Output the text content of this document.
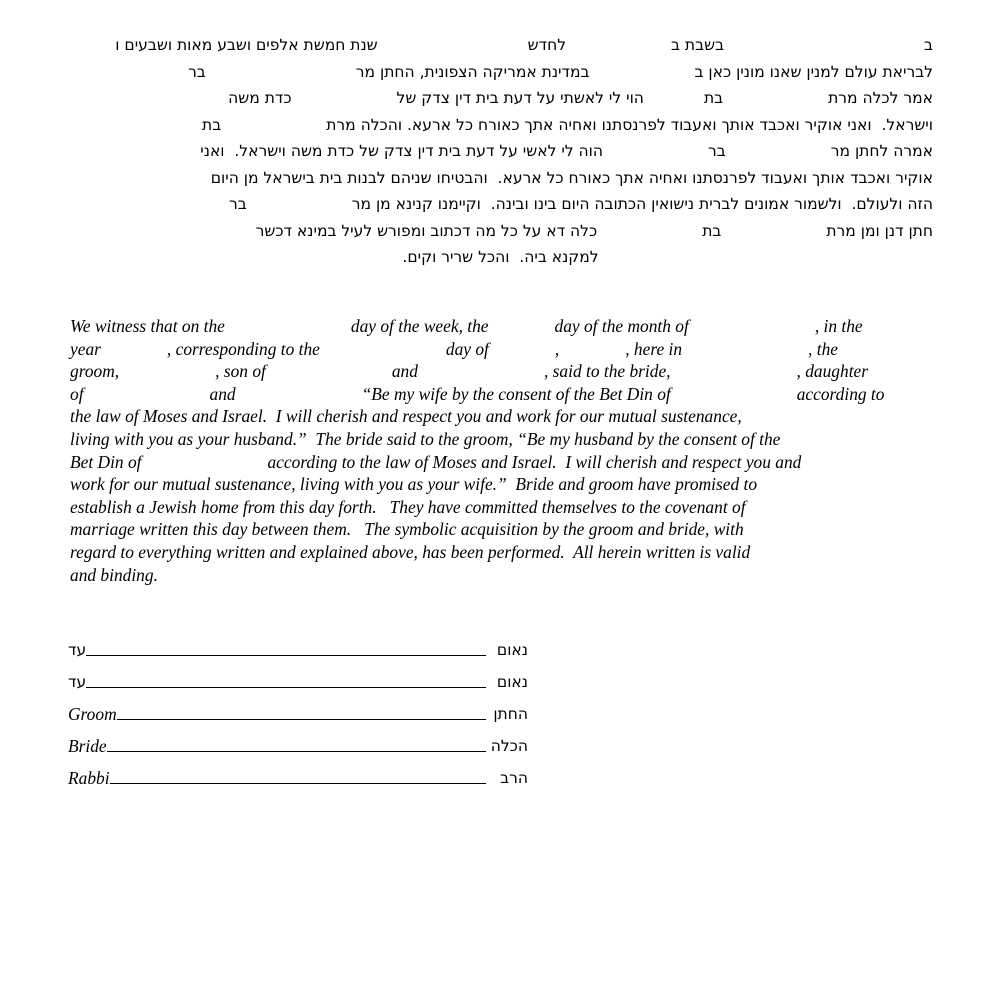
בבשבת בלחדששנת חמשת אלפים ושבע מאות ושבעים ו
לבריאת עולם למנין שאנו מונין כאן בבמדינת אמריקה הצפונית, החתן מרבר
אמר לכלה מרתבתהוי לי לאשתי על דעת בית דין צדק שלכדת משה
וישראל.  ואני אוקיר ואכבד אותך ואעבוד לפרנסתנו ואחיה אתך כאורח כל ארעא. והכלה מרתבת
אמרה לחתן מרברהוה לי לאשי על דעת בית דין צדק של כדת משה וישראל.  ואני
אוקיר ואכבד אותך ואעבוד לפרנסתנו ואחיה אתך כאורח כל ארעא.  והבטיחו שניהם לבנות בית בישראל מן היום
הזה ולעולם.  ולשמור אמונים לברית נישואין הכתובה היום בינו ובינה.  וקיימנו קנינא מן מרבר
חתן דנן ומן מרתבתכלה דא על כל מה דכתוב ומפורש לעיל במינא דכשר
למקנא ביה.  והכל שריר וקים.
We witness that on the	day of the week, the	day of the month of	, in the
year	, corresponding to the	day of	,	, here in	, the
groom,	, son of	and	, said to the bride,	, daughter
of	and	“Be my wife by the consent of the Bet Din of	according to
the law of Moses and Israel.  I will cherish and respect you and work for our mutual sustenance,
living with you as your husband.”  The bride said to the groom, “Be my husband by the consent of the
Bet Din of	according to the law of Moses and Israel.  I will cherish and respect you and
work for our mutual sustenance, living with you as your wife.”  Bride and groom have promised to
establish a Jewish home from this day forth.   They have committed themselves to the covenant of
marriage written this day between them.   The symbolic acquisition by the groom and bride, with
regard to everything written and explained above, has been performed.  All herein written is valid
and binding.
עד	נאום
עד	נאום
Groom	החתן
Bride	הכלה
Rabbi	הרב
